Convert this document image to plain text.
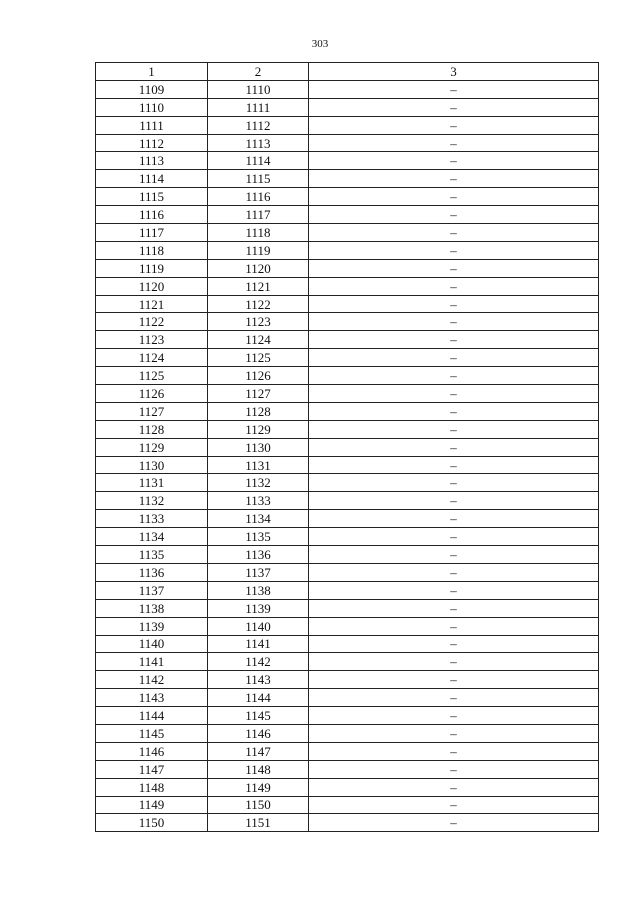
303
1	2	3
1109	1110	–
1110	1111	–
1111	1112	–
1112	1113	–
1113	1114	–
1114	1115	–
1115	1116	–
1116	1117	–
1117	1118	–
1118	1119	–
1119	1120	–
1120	1121	–
1121	1122	–
1122	1123	–
1123	1124	–
1124	1125	–
1125	1126	–
1126	1127	–
1127	1128	–
1128	1129	–
1129	1130	–
1130	1131	–
1131	1132	–
1132	1133	–
1133	1134	–
1134	1135	–
1135	1136	–
1136	1137	–
1137	1138	–
1138	1139	–
1139	1140	–
1140	1141	–
1141	1142	–
1142	1143	–
1143	1144	–
1144	1145	–
1145	1146	–
1146	1147	–
1147	1148	–
1148	1149	–
1149	1150	–
1150	1151	–
